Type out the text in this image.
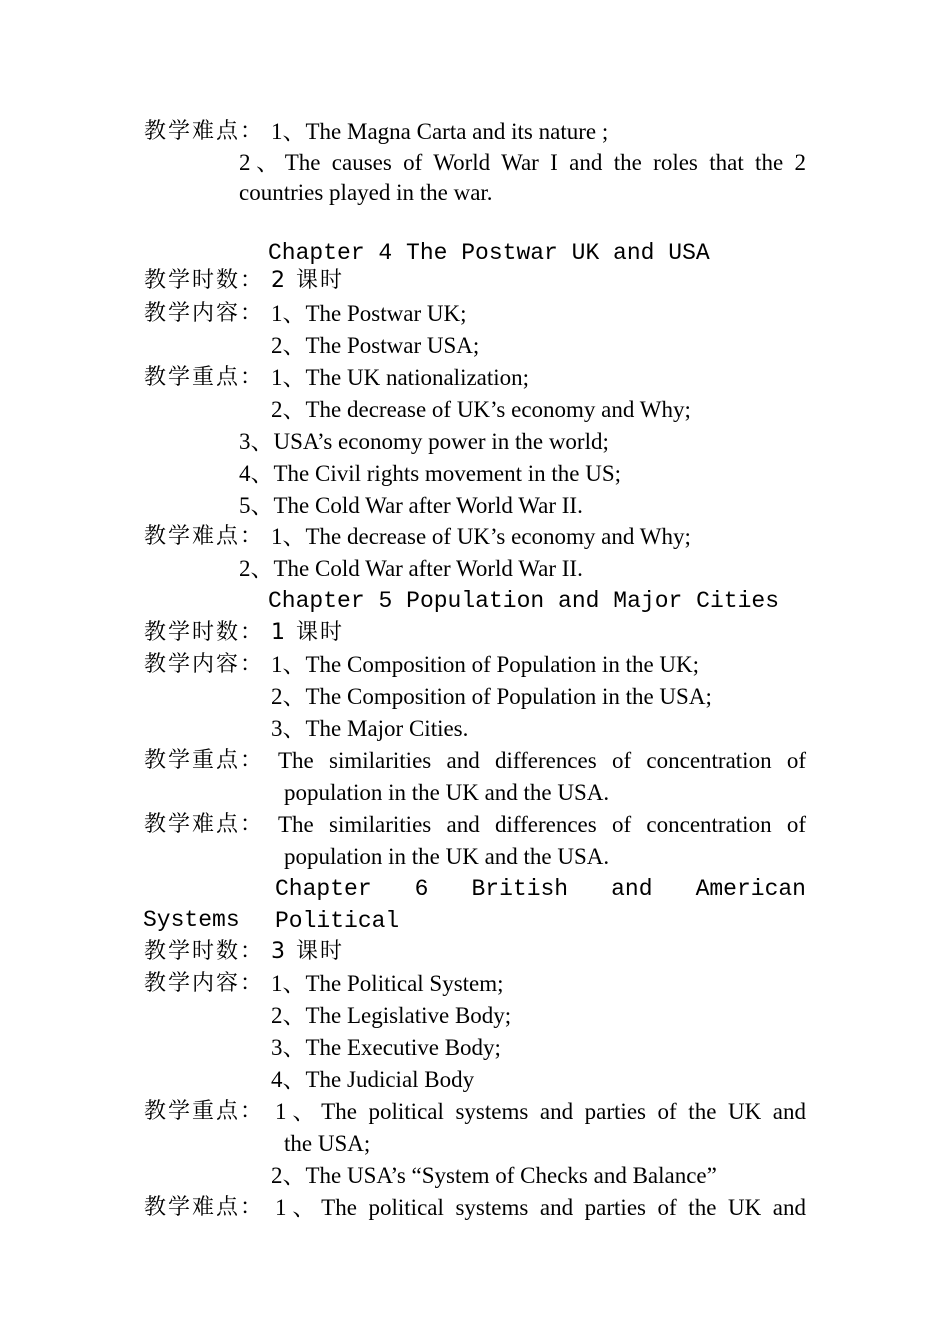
教学难点： 1、The Magna Carta and its nature ;
2、The causes of World War I and the roles that the 2
countries played in the war.
Chapter 4 The Postwar UK and USA
教学时数： 2 课时
教学内容： 1、The Postwar UK;
2、The Postwar USA;
教学重点： 1、The UK nationalization;
2、The decrease of UK’s economy and Why;
3、USA’s economy power in the world;
4、The Civil rights movement in the US;
5、The Cold War after World War II.
教学难点： 1、The decrease of UK’s economy and Why;
2、The Cold War after World War II.
Chapter 5 Population and Major Cities
教学时数： 1 课时
教学内容： 1、The Composition of Population in the UK;
2、The Composition of Population in the USA;
3、The Major Cities.
教学重点： The similarities and differences of concentration of
population in the UK and the USA.
教学难点： The similarities and differences of concentration of
population in the UK and the USA.
Chapter 6 British and American Political
Systems
教学时数： 3 课时
教学内容： 1、The Political System;
2、The Legislative Body;
3、The Executive Body;
4、The Judicial Body
教学重点： 1、The political systems and parties of the UK and
the USA;
2、The USA’s “System of Checks and Balance”
教学难点： 1、The political systems and parties of the UK and
